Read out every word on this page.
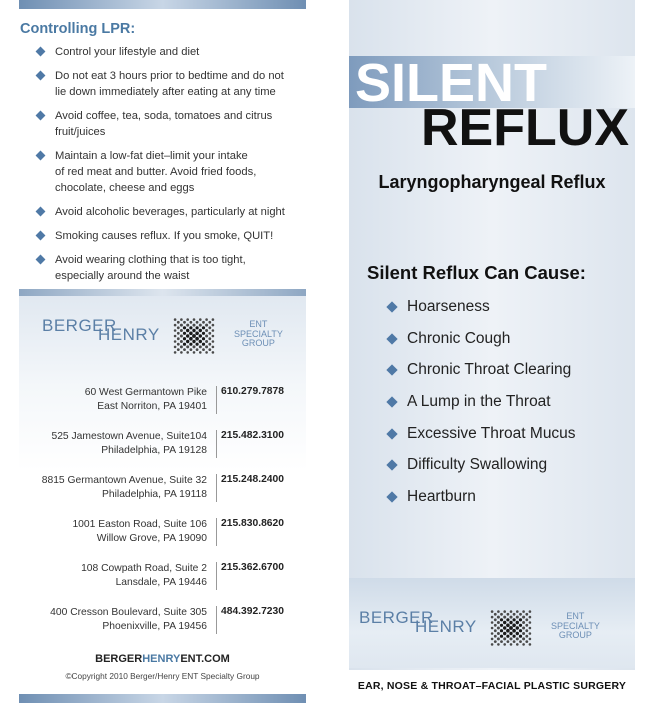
Controlling LPR:
Control your lifestyle and diet
Do not eat 3 hours prior to bedtime and do not
lie down immediately after eating at any time
Avoid coffee, tea, soda, tomatoes and citrus
fruit/juices
Maintain a low-fat diet–limit your intake
of red meat and butter. Avoid fried foods,
chocolate, cheese and eggs
Avoid alcoholic beverages, particularly at night
Smoking causes reflux. If you smoke, QUIT!
Avoid wearing clothing that is too tight,
especially around the waist
BERGER
HENRY
ENT
SPECIALTY
GROUP
60 West Germantown Pike
East Norriton, PA 19401
610.279.7878
525 Jamestown Avenue, Suite104
Philadelphia, PA 19128
215.482.3100
8815 Germantown Avenue, Suite 32
Philadelphia, PA 19118
215.248.2400
1001 Easton Road, Suite 106
Willow Grove, PA 19090
215.830.8620
108 Cowpath Road, Suite 2
Lansdale, PA 19446
215.362.6700
400 Cresson Boulevard, Suite 305
Phoenixville, PA 19456
484.392.7230
BERGERHENRYENT.COM
©Copyright 2010 Berger/Henry ENT Specialty Group
SILENT
REFLUX
Laryngopharyngeal Reflux
Silent Reflux Can Cause:
Hoarseness
Chronic Cough
Chronic Throat Clearing
A Lump in the Throat
Excessive Throat Mucus
Difficulty Swallowing
Heartburn
BERGER
HENRY
ENT
SPECIALTY
GROUP
EAR, NOSE & THROAT–FACIAL PLASTIC SURGERY
